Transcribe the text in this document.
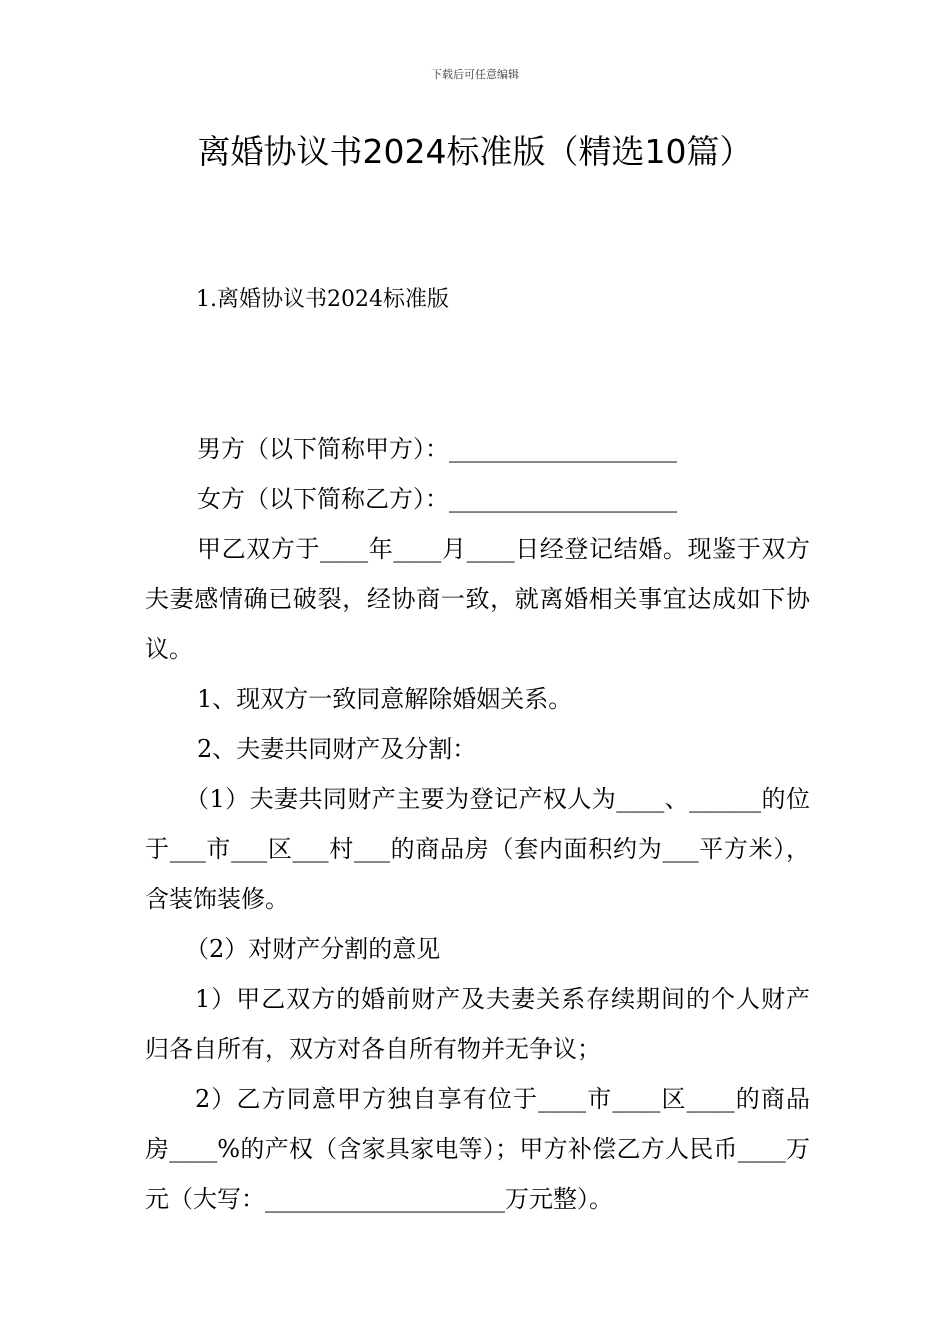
下载后可任意编辑
离婚协议书2024标准版（精选10篇）
1.离婚协议书2024标准版

男方（以下简称甲方）：___________________

女方（以下简称乙方）：___________________

甲乙双方于____年____月____日经登记结婚。现鉴于双方夫妻感情确已破裂，经协商一致，就离婚相关事宜达成如下协议。

1、现双方一致同意解除婚姻关系。

2、夫妻共同财产及分割：

（1）夫妻共同财产主要为登记产权人为____、______的位于___市___区___村___的商品房（套内面积约为___平方米），含装饰装修。

（2）对财产分割的意见

1）甲乙双方的婚前财产及夫妻关系存续期间的个人财产归各自所有，双方对各自所有物并无争议；

2）乙方同意甲方独自享有位于____市____区____的商品房____%的产权（含家具家电等）；甲方补偿乙方人民币____万元（大写：____________________万元整）。
